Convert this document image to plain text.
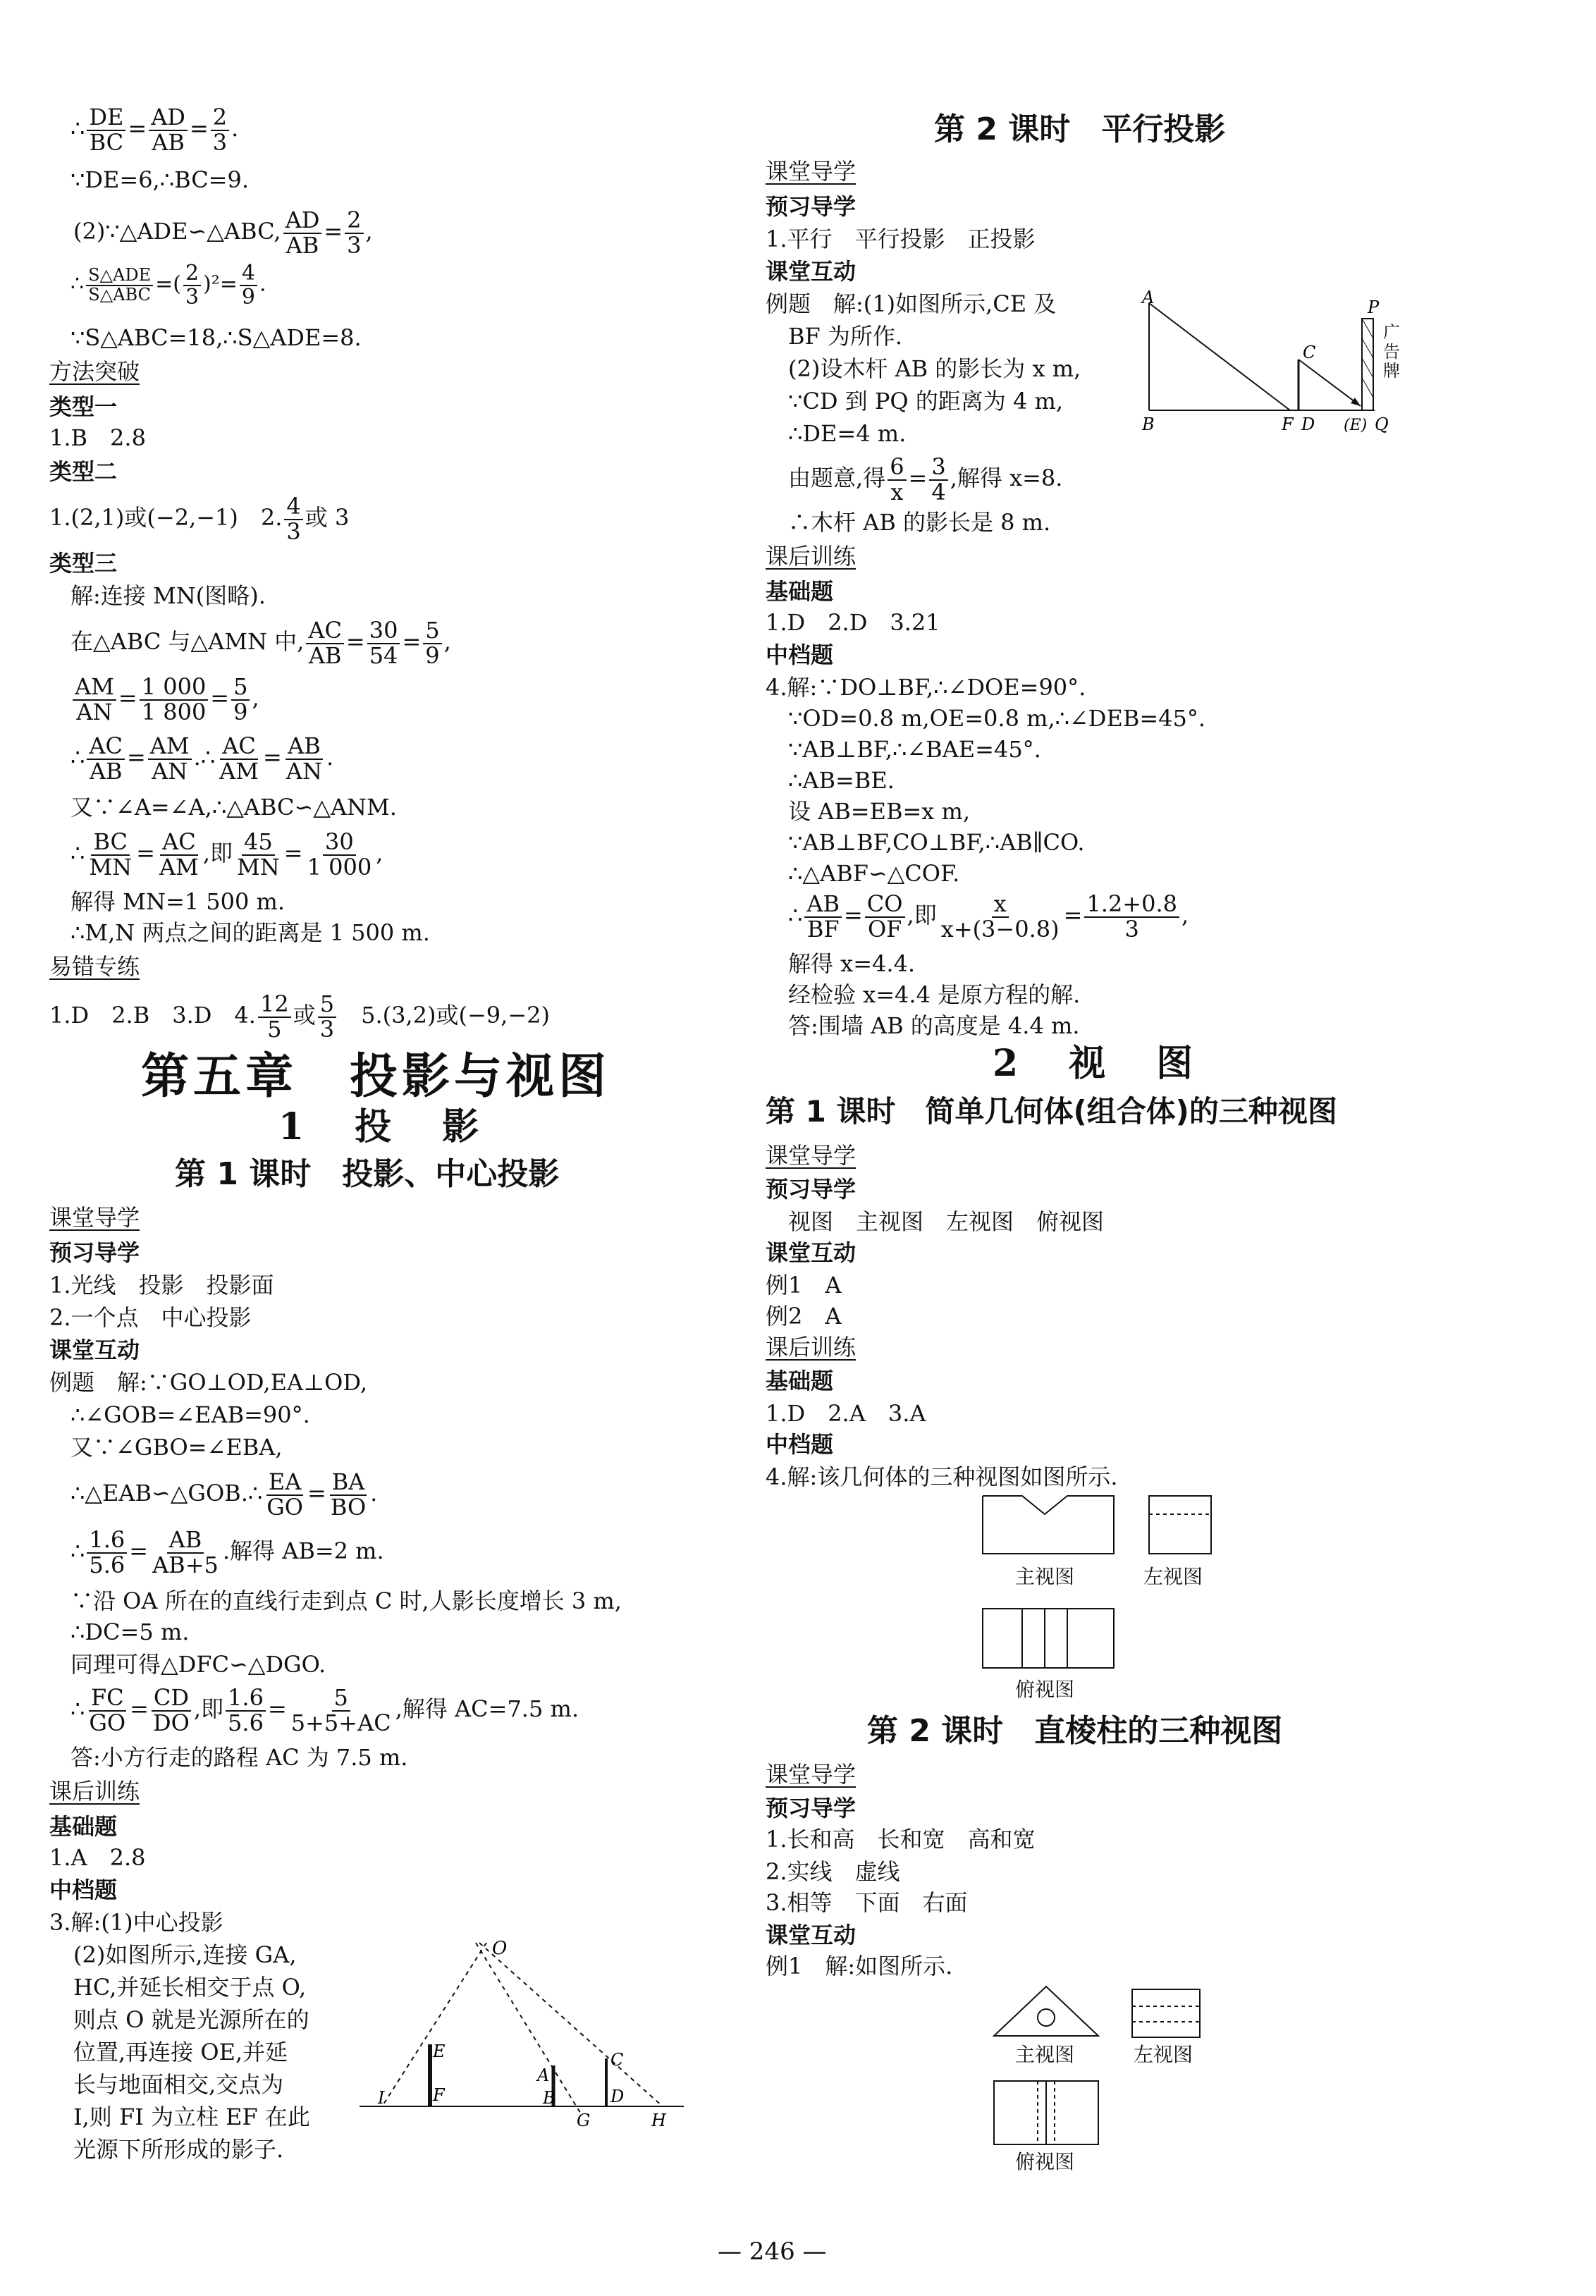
∴ $\frac{DE}{BC} = \frac{AD}{AB} = \frac{2}{3}$ .
∵DE=6,∴BC=9.
(2)∵△ADE∽△ABC, $\frac{AD}{AB} = \frac{2}{3}$ ,
∴ $\frac{\text{S△ADE}}{\text{S△ABC}}$ =( $\frac{2}{3} )^2= \frac{4}{9}$ .
∵S△ABC=18,∴S△ADE=8.
方法突破
类型一
1.B　2.8
类型二
1.(2,1)或(−2,−1)　2. $\frac{4}{3}$ 或 3
类型三
解:连接 MN(图略).
在△ABC 与△AMN 中, $\frac{AC}{AB} = \frac{30}{54} = \frac{5}{9}$ ,
$\frac{AM}{AN} = \frac{1 000}{1 800} = \frac{5}{9}$ ,
∴ $\frac{AC}{AB} = \frac{AM}{AN}$ .∴ $\frac{AC}{AM} = \frac{AB}{AN}$ .
又∵∠A=∠A,∴△ABC∽△ANM.
∴ $\frac{BC}{MN} = \frac{AC}{AM}$ ,即 $\frac{45}{MN} = \frac{30}{1 000}$ ,
解得 MN=1 500 m.
∴M,N 两点之间的距离是 1 500 m.
易错专练
1.D　2.B　3.D　4. $\frac{12}{5}$ 或 $\frac{5}{3}$
　 5.(3,2)或(−9,−2)
第五章　投影与视图
1　投　影
第 1 课时　投影、中心投影
课堂导学
预习导学
1.光线　投影　投影面
2.一个点　中心投影
课堂互动
例题　解:∵GO⊥OD,EA⊥OD,
∴∠GOB=∠EAB=90°.
又∵∠GBO=∠EBA,
∴△EAB∽△GOB.∴ $\frac{EA}{GO} = \frac{BA}{BO}$ .
∴ $\frac{1.6}{5.6} = \frac{AB}{AB+5}$ .解得 AB=2 m.
∵沿 OA 所在的直线行走到点 C 时,人影长度增长 3 m,
∴DC=5 m.
同理可得△DFC∽△DGO.
∴ $\frac{FC}{GO} = \frac{CD}{DO}$ ,即 $\frac{1.6}{5.6} = \frac{5}{5+5+AC}$ ,解得 AC=7.5 m.
答:小方行走的路程 AC 为 7.5 m.
课后训练
基础题
1.A　2.8
中档题
3.解:(1)中心投影
(2)如图所示,连接 GA,
HC,并延长相交于点 O,
则点 O 就是光源所在的
位置,再连接 OE,并延
长与地面相交,交点为
I,则 FI 为立柱 EF 在此
光源下所形成的影子.
O
E
F
I
A
B
G
C
D
H
第 2 课时　平行投影
课堂导学
预习导学
1.平行　平行投影　正投影
课堂互动
例题　解:(1)如图所示,CE 及
BF 为所作.
(2)设木杆 AB 的影长为 x m,
∵CD 到 PQ 的距离为 4 m,
∴DE=4 m.
由题意,得 $\frac{6}{x} = \frac{3}{4}$ ,解得 x=8.
∴木杆 AB 的影长是 8 m.
A
B	F D
C
(E) Q
P
广告牌
课后训练
基础题
1.D　2.D　3.21
中档题
4.解:∵DO⊥BF,∴∠DOE=90°.
∵OD=0.8 m,OE=0.8 m,∴∠DEB=45°.
∵AB⊥BF,∴∠BAE=45°.
∴AB=BE.
设 AB=EB=x m,
∵AB⊥BF,CO⊥BF,∴AB∥CO.
∴△ABF∽△COF.
∴ $\frac{AB}{BF} = \frac{CO}{OF}$ ,即 $\frac{x}{x+(3-0.8)} = \frac{1.2+0.8}{3}$ ,
解得 x=4.4.
经检验 x=4.4 是原方程的解.
答:围墙 AB 的高度是 4.4 m.
2　视　图
第 1 课时　简单几何体(组合体)的三种视图
课堂导学
预习导学
视图　主视图　左视图　俯视图
课堂互动
例1　A
例2　A
课后训练
基础题
1.D　2.A　3.A
中档题
4.解:该几何体的三种视图如图所示.
主视图	左视图
俯视图
第 2 课时　直棱柱的三种视图
课堂导学
预习导学
1.长和高　长和宽　高和宽
2.实线　虚线
3.相等　下面　右面
课堂互动
例1　解:如图所示.
主视图	左视图
俯视图
— 246 —
